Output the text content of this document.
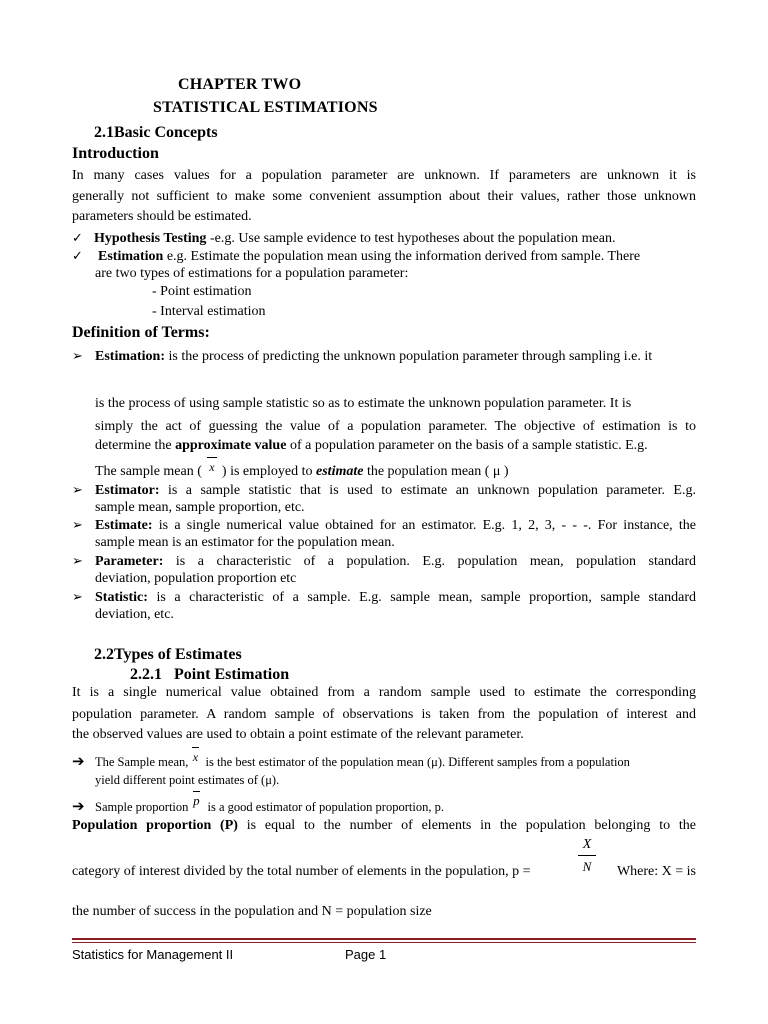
CHAPTER TWO
STATISTICAL ESTIMATIONS
2.1Basic Concepts
Introduction
In many cases values for a population parameter are unknown. If parameters are unknown it is
generally not sufficient to make some convenient assumption about their values, rather those unknown
parameters should be estimated.
✓ Hypothesis Testing -e.g. Use sample evidence to test hypotheses about the population mean.
✓ Estimation e.g. Estimate the population mean using the information derived from sample. There
are two types of estimations for a population parameter:
- Point estimation
- Interval estimation
Definition of Terms:
➢ Estimation: is the process of predicting the unknown population parameter through sampling i.e. it
is the process of using sample statistic so as to estimate the unknown population parameter. It is
simply the act of guessing the value of a population parameter. The objective of estimation is to
determine the approximate value of a population parameter on the basis of a sample statistic. E.g.
The sample mean ( x ) is employed to estimate the population mean ( μ )
➢ Estimator: is a sample statistic that is used to estimate an unknown population parameter. E.g.
sample mean, sample proportion, etc.
➢ Estimate: is a single numerical value obtained for an estimator. E.g. 1, 2, 3, - - -. For instance, the
sample mean is an estimator for the population mean.
➢ Parameter: is a characteristic of a population. E.g. population mean, population standard
deviation, population proportion etc
➢ Statistic: is a characteristic of a sample. E.g. sample mean, sample proportion, sample standard
deviation, etc.
2.2Types of Estimates
2.2.1 Point Estimation
It is a single numerical value obtained from a random sample used to estimate the corresponding
population parameter. A random sample of observations is taken from the population of interest and
the observed values are used to obtain a point estimate of the relevant parameter.
➔ The Sample mean, x is the best estimator of the population mean (μ). Different samples from a population
yield different point estimates of (μ).
➔ Sample proportion p is a good estimator of population proportion, p.
Population proportion (P) is equal to the number of elements in the population belonging to the
X
N
category of interest divided by the total number of elements in the population, p =	Where: X = is
the number of success in the population and N = population size
Statistics for Management II	Page 1
